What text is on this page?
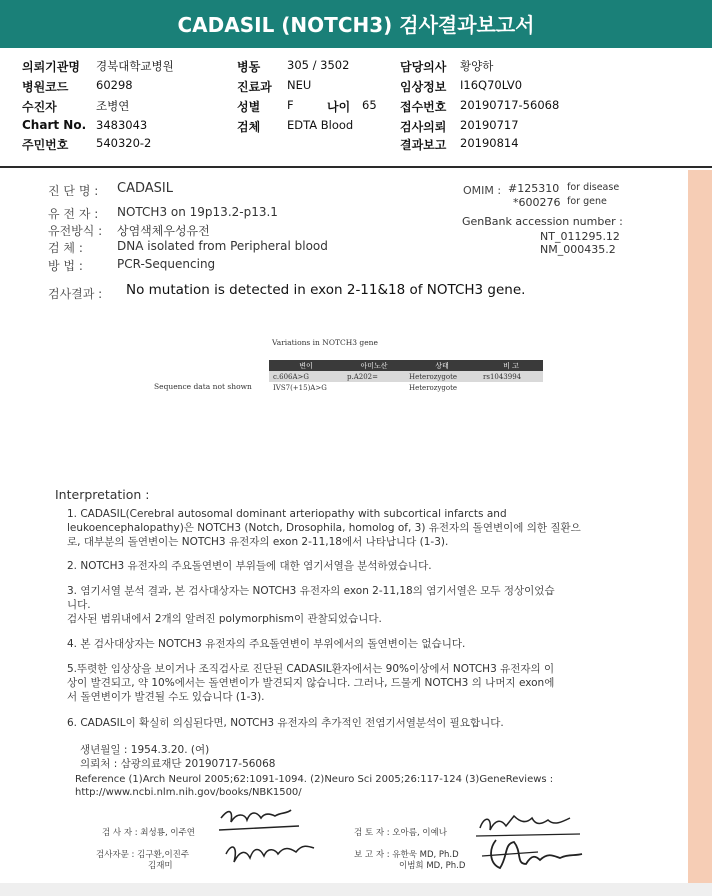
CADASIL (NOTCH3) 검사결과보고서
의뢰기관명 경북대학교병원
병원코드 60298
수진자	조병연
Chart No. 3483043
주민번호 540320-2
병동 305 / 3502
진료과 NEU
성별 F	나이 65
검체 EDTA Blood
담당의사 황양하
임상정보 I16Q70LV0
접수번호 20190717-56068
검사의뢰 20190717
결과보고 20190814
진 단 명 : CADASIL
유 전 자 : NOTCH3 on 19p13.2-p13.1
유전방식 : 상염색체우성유전
검 체 :	DNA isolated from Peripheral blood
방 법 :	PCR-Sequencing
OMIM : #125310 for disease
*600276 for gene
GenBank accession number :
NT_011295.12
NM_000435.2
검사결과 : No mutation is detected in exon 2-11&18 of NOTCH3 gene.
Variations in NOTCH3 gene
Sequence data not shown
변이	아미노산	상태	비 고
c.606A>G	p.A202=	Heterozygote	rs1043994
IVS7(+15)A>G		Heterozygote	
Interpretation :
1. CADASIL(Cerebral autosomal dominant arteriopathy with subcortical infarcts and
leukoencephalopathy)은 NOTCH3 (Notch, Drosophila, homolog of, 3) 유전자의 돌연변이에 의한 질환으
로, 대부분의 돌연변이는 NOTCH3 유전자의 exon 2-11,18에서 나타납니다 (1-3).
2. NOTCH3 유전자의 주요돌연변이 부위들에 대한 염기서열을 분석하였습니다.
3. 염기서열 분석 결과, 본 검사대상자는 NOTCH3 유전자의 exon 2-11,18의 염기서열은 모두 정상이었습
니다.
검사된 범위내에서 2개의 알려진 polymorphism이 관찰되었습니다.
4. 본 검사대상자는 NOTCH3 유전자의 주요돌연변이 부위에서의 돌연변이는 없습니다.
5.뚜렷한 임상상을 보이거나 조직검사로 진단된 CADASIL환자에서는 90%이상에서 NOTCH3 유전자의 이
상이 발견되고, 약 10%에서는 돌연변이가 발견되지 않습니다. 그러나, 드물게 NOTCH3 의 나머지 exon에
서 돌연변이가 발견될 수도 있습니다 (1-3).
6. CADASIL이 확실히 의심된다면, NOTCH3 유전자의 추가적인 전염기서열분석이 필요합니다.
생년월일 : 1954.3.20. (여)
의뢰처 : 삼광의료재단 20190717-56068
Reference (1)Arch Neurol 2005;62:1091-1094. (2)Neuro Sci 2005;26:117-124 (3)GeneReviews :
http://www.ncbi.nlm.nih.gov/books/NBK1500/
검 사 자 : 최성룡, 이주연	검 토 자 : 오아름, 이예나
검사자문 : 김구환,이진주
김재미
보 고 자 : 유한욱 MD, Ph.D
이범희 MD, Ph.D
